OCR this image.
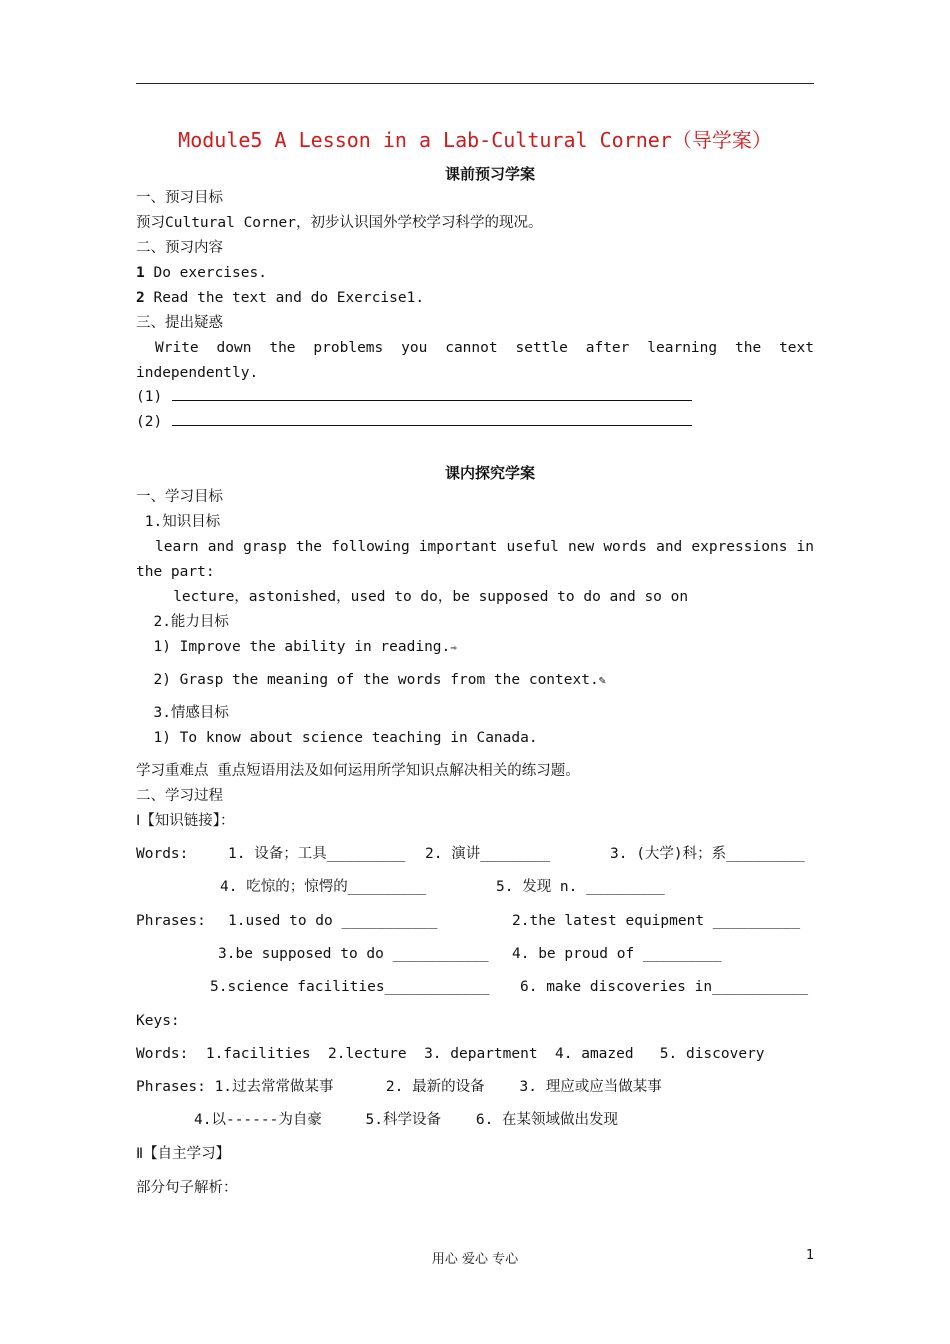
Module5 A Lesson in a Lab-Cultural Corner（导学案）
课前预习学案
一、预习目标
预习Cultural Corner，初步认识国外学校学习科学的现况。
二、预习内容
1 Do exercises.
2 Read the text and do Exercise1.
三、提出疑惑
Write down the problems you cannot settle after learning the text
independently.
(1)
(2)
课内探究学案
一、学习目标
1.知识目标
learn and grasp the following important useful new words and expressions in
the part:
lecture，astonished，used to do，be supposed to do and so on
2.能力目标
1) Improve the ability in reading.⇾
2) Grasp the meaning of the words from the context.✎
3.情感目标
1) To know about science teaching in Canada.
学习重难点 重点短语用法及如何运用所学知识点解决相关的练习题。
二、学习过程
Ⅰ【知识链接】：
Words:	1. 设备；工具_________ 2. 演讲________	3. (大学)科；系_________
4. 吃惊的；惊愕的_________	5. 发现 n. _________
Phrases: 1.used to do ___________	2.the latest equipment __________
3.be supposed to do ___________ 4. be proud of _________
5.science facilities____________ 6. make discoveries in___________
Keys:
Words:  1.facilities  2.lecture  3. department  4. amazed   5. discovery
Phrases: 1.过去常常做某事      2. 最新的设备    3. 理应或应当做某事
4.以------为自豪     5.科学设备    6. 在某领域做出发现
Ⅱ【自主学习】
部分句子解析：
用心 爱心 专心	1
